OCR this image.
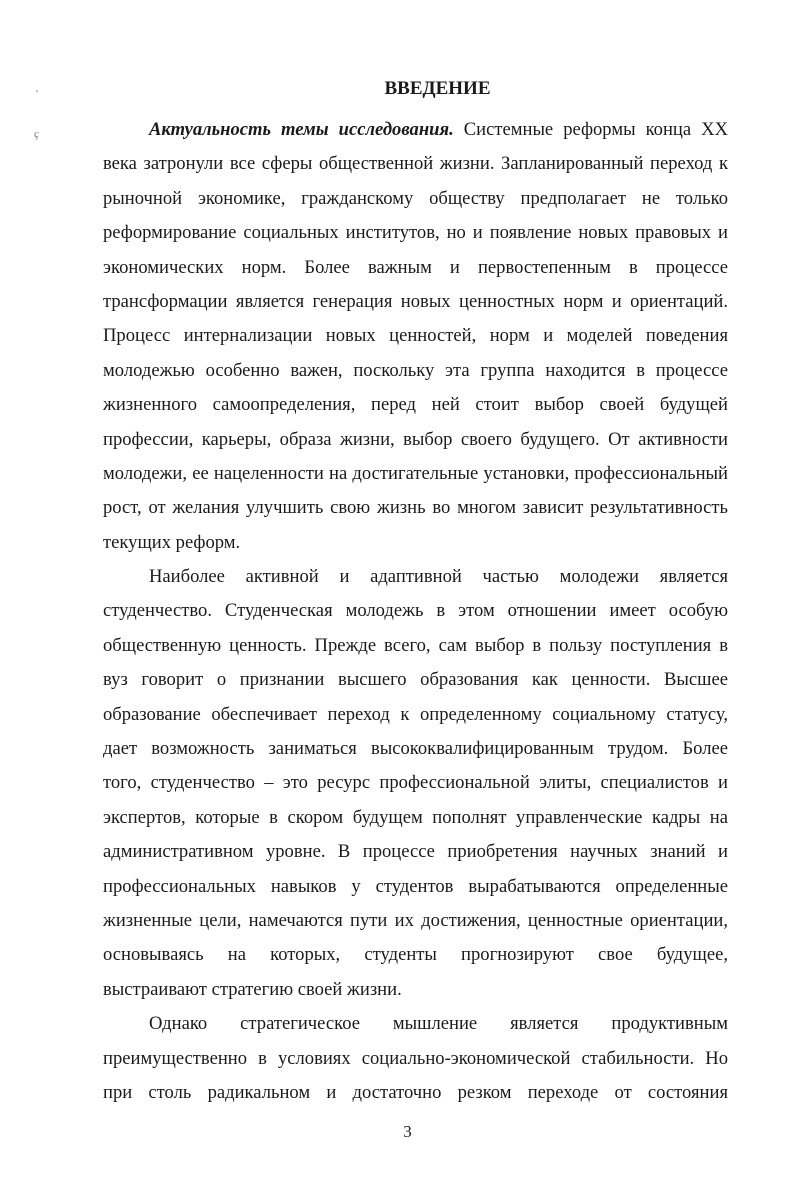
'
ҫ
ВВЕДЕНИЕ
Актуальность темы исследования. Системные реформы конца XX
века затронули все сферы общественной жизни. Запланированный переход к
рыночной экономике, гражданскому обществу предполагает не только
реформирование социальных институтов, но и появление новых правовых и
экономических норм. Более важным и первостепенным в процессе
трансформации является генерация новых ценностных норм и ориентаций.
Процесс интернализации новых ценностей, норм и моделей поведения
молодежью особенно важен, поскольку эта группа находится в процессе
жизненного самоопределения, перед ней стоит выбор своей будущей
профессии, карьеры, образа жизни, выбор своего будущего. От активности
молодежи, ее нацеленности на достигательные установки, профессиональный
рост, от желания улучшить свою жизнь во многом зависит результативность
текущих реформ.
Наиболее активной и адаптивной частью молодежи является
студенчество. Студенческая молодежь в этом отношении имеет особую
общественную ценность. Прежде всего, сам выбор в пользу поступления в
вуз говорит о признании высшего образования как ценности. Высшее
образование обеспечивает переход к определенному социальному статусу,
дает возможность заниматься высококвалифицированным трудом. Более
того, студенчество – это ресурс профессиональной элиты, специалистов и
экспертов, которые в скором будущем пополнят управленческие кадры на
административном уровне. В процессе приобретения научных знаний и
профессиональных навыков у студентов вырабатываются определенные
жизненные цели, намечаются пути их достижения, ценностные ориентации,
основываясь на которых, студенты прогнозируют свое будущее,
выстраивают стратегию своей жизни.
Однако стратегическое мышление является продуктивным
преимущественно в условиях социально-экономической стабильности. Но
при столь радикальном и достаточно резком переходе от состояния
3
